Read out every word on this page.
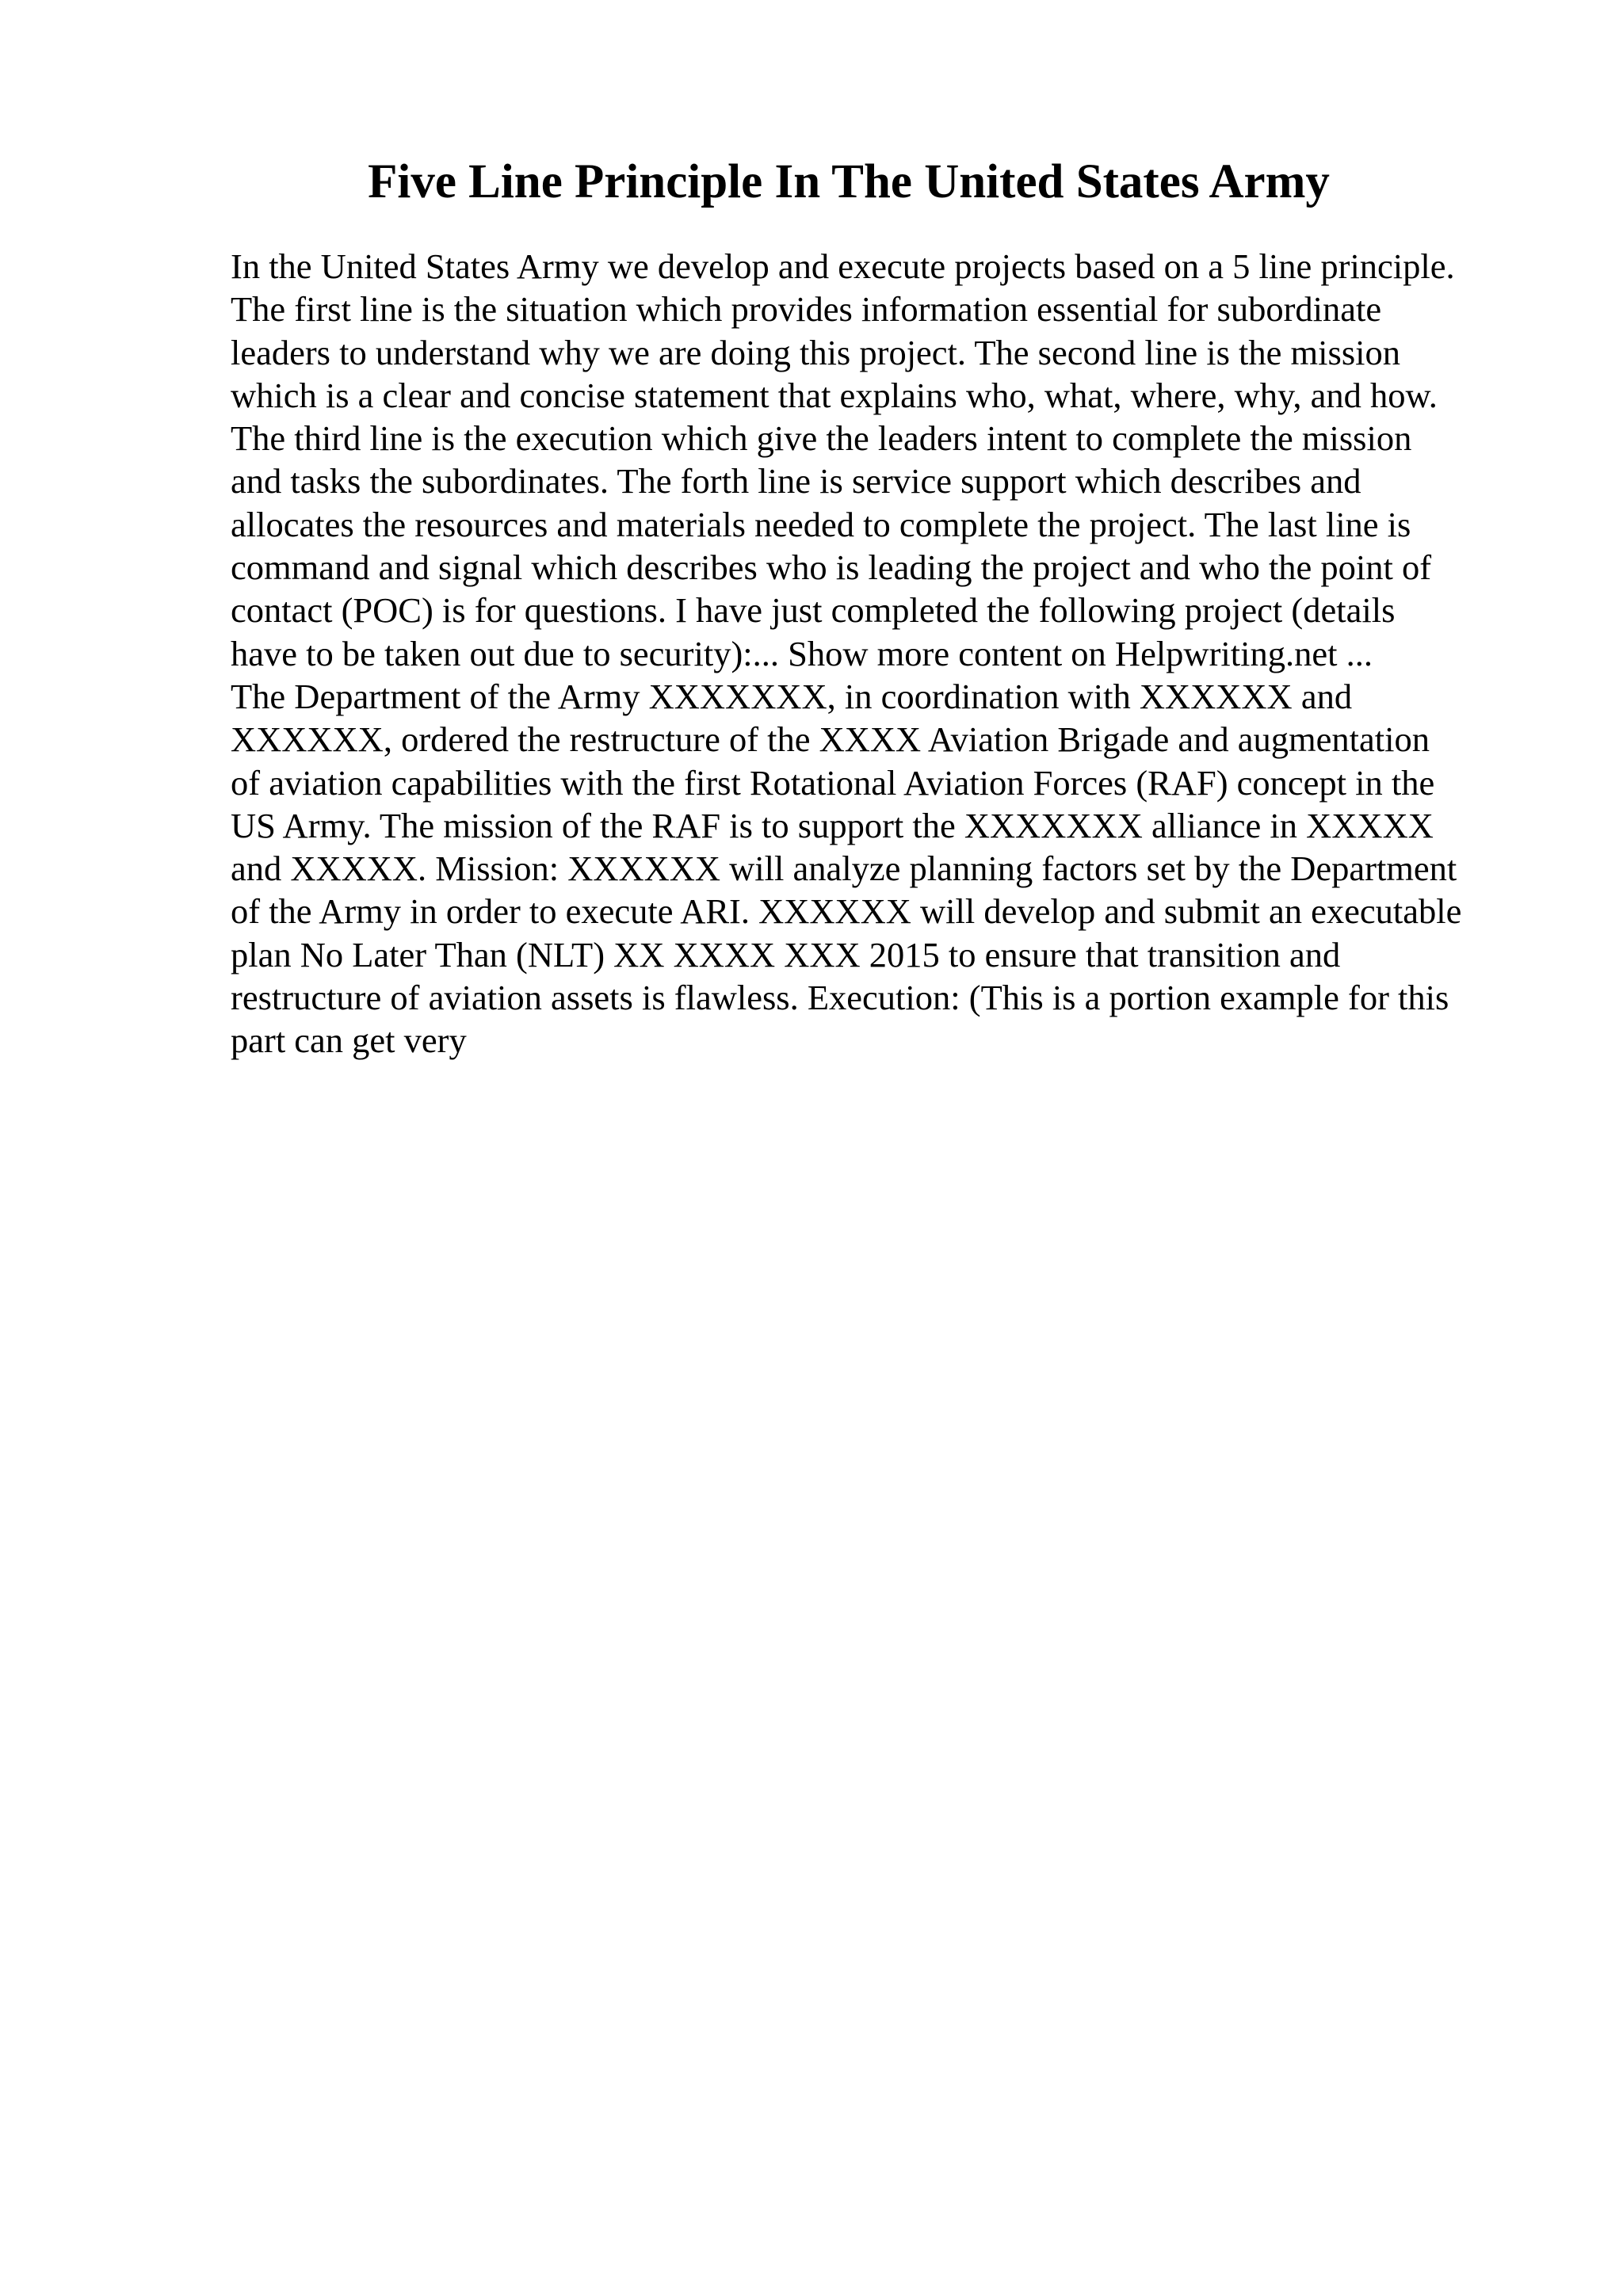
Five Line Principle In The United States Army

In the United States Army we develop and execute projects based on a 5 line principle. The first line is the situation which provides information essential for subordinate leaders to understand why we are doing this project. The second line is the mission which is a clear and concise statement that explains who, what, where, why, and how. The third line is the execution which give the leaders intent to complete the mission and tasks the subordinates. The forth line is service support which describes and allocates the resources and materials needed to complete the project. The last line is command and signal which describes who is leading the project and who the point of contact (POC) is for questions. I have just completed the following project (details have to be taken out due to security):... Show more content on Helpwriting.net ...

The Department of the Army XXXXXXX, in coordination with XXXXXX and XXXXXX, ordered the restructure of the XXXX Aviation Brigade and augmentation of aviation capabilities with the first Rotational Aviation Forces (RAF) concept in the US Army. The mission of the RAF is to support the XXXXXXX alliance in XXXXX and XXXXX. Mission: XXXXXX will analyze planning factors set by the Department of the Army in order to execute ARI. XXXXXX will develop and submit an executable plan No Later Than (NLT) XX XXXX XXX 2015 to ensure that transition and restructure of aviation assets is flawless. Execution: (This is a portion example for this part can get very
